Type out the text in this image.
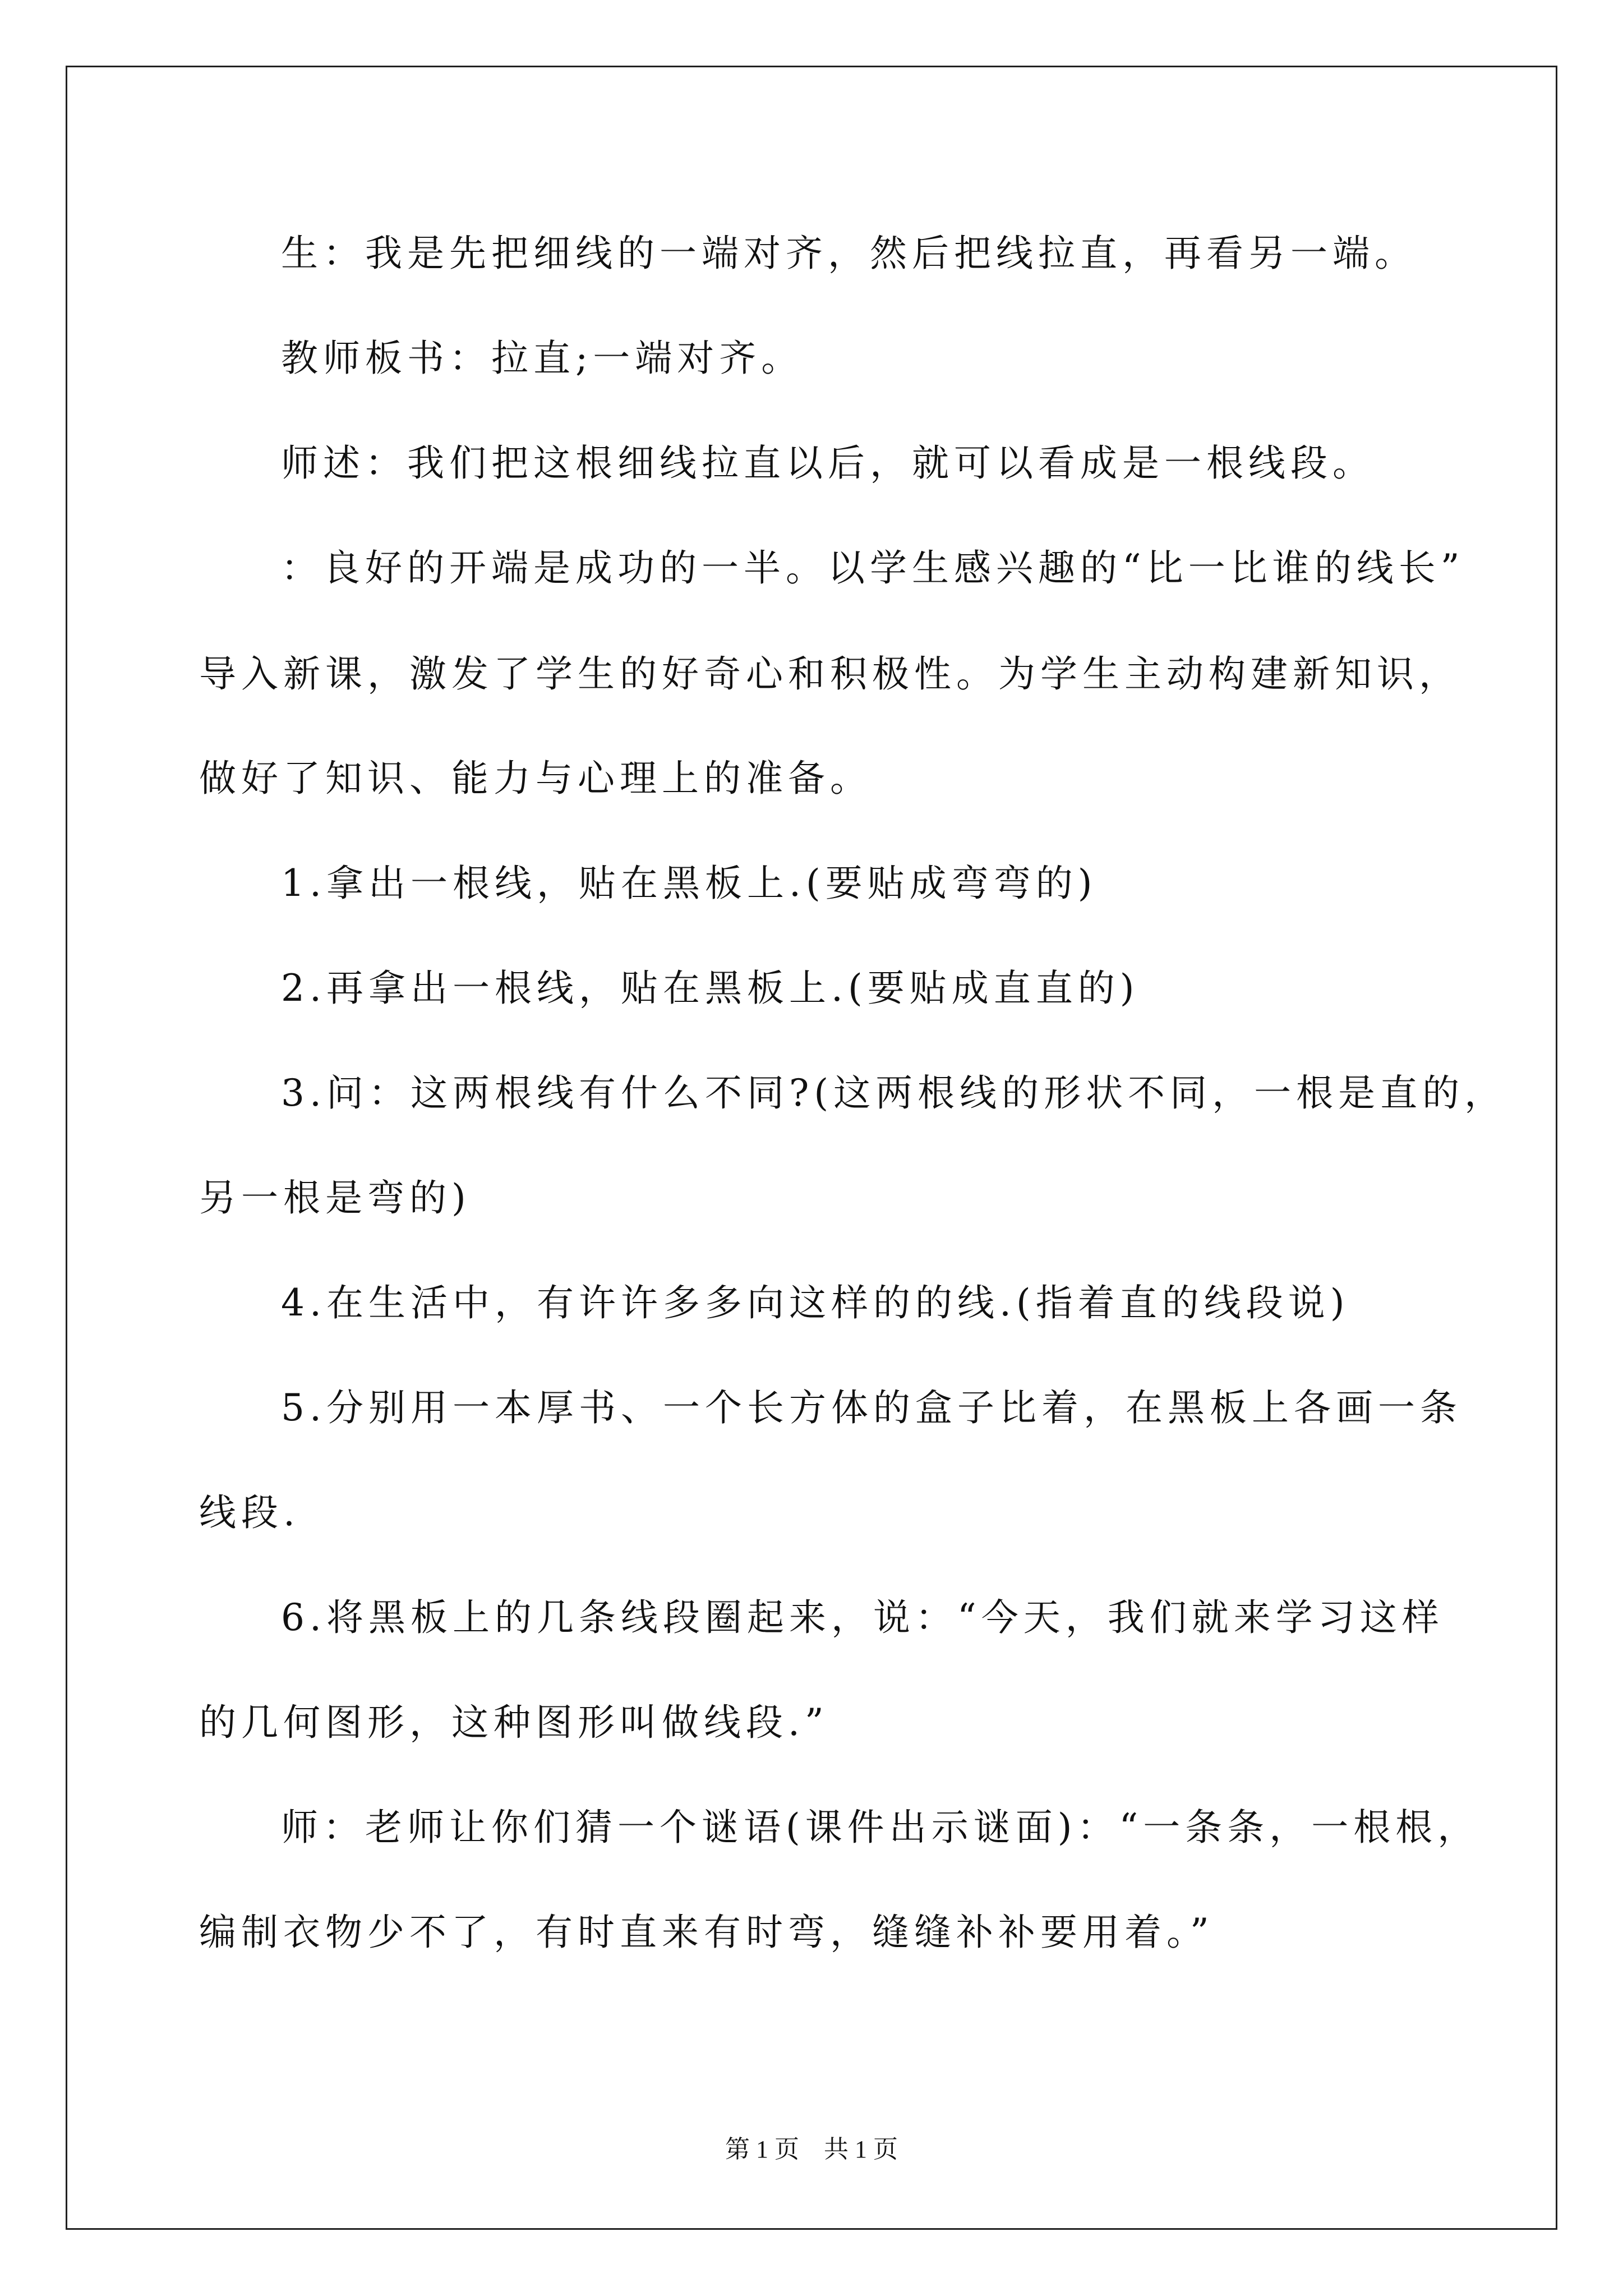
生：我是先把细线的一端对齐，然后把线拉直，再看另一端。
教师板书：拉直;一端对齐。
师述：我们把这根细线拉直以后，就可以看成是一根线段。
：良好的开端是成功的一半。以学生感兴趣的“比一比谁的线长”
导入新课，激发了学生的好奇心和积极性。为学生主动构建新知识，
做好了知识、能力与心理上的准备。
1.拿出一根线，贴在黑板上.(要贴成弯弯的)
2.再拿出一根线，贴在黑板上.(要贴成直直的)
3.问：这两根线有什么不同?(这两根线的形状不同，一根是直的，
另一根是弯的)
4.在生活中，有许许多多向这样的的线.(指着直的线段说)
5.分别用一本厚书、一个长方体的盒子比着，在黑板上各画一条
线段.
6.将黑板上的几条线段圈起来，说：“今天，我们就来学习这样
的几何图形，这种图形叫做线段.”
师：老师让你们猜一个谜语(课件出示谜面)：“一条条，一根根，
编制衣物少不了，有时直来有时弯，缝缝补补要用着。”
第 1 页    共 1 页
